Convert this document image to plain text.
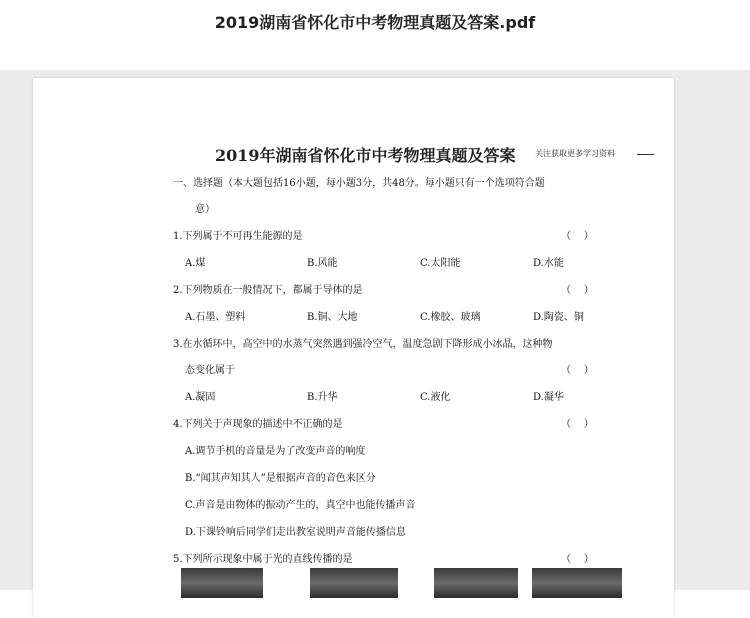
2019湖南省怀化市中考物理真题及答案.pdf
2019年湖南省怀化市中考物理真题及答案 关注获取更多学习资料
一、选择题（本大题包括16小题，每小题3分，共48分。每小题只有一个选项符合题
意）
1.下列属于不可再生能源的是	（    ）
A.煤	B.风能	C.太阳能	D.水能
2.下列物质在一般情况下，都属于导体的是	（    ）
A.石墨、塑料	B.铜、大地	C.橡胶、玻璃	D.陶瓷、铜
3.在水循环中，高空中的水蒸气突然遇到强冷空气，温度急剧下降形成小冰晶，这种物
态变化属于	（    ）
A.凝固	B.升华	C.液化	D.凝华
4.下列关于声现象的描述中不正确的是	（    ）
A.调节手机的音量是为了改变声音的响度
B.“闻其声知其人”是根据声音的音色来区分
C.声音是由物体的振动产生的，真空中也能传播声音
D.下课铃响后同学们走出教室说明声音能传播信息
5.下列所示现象中属于光的直线传播的是	（    ）
